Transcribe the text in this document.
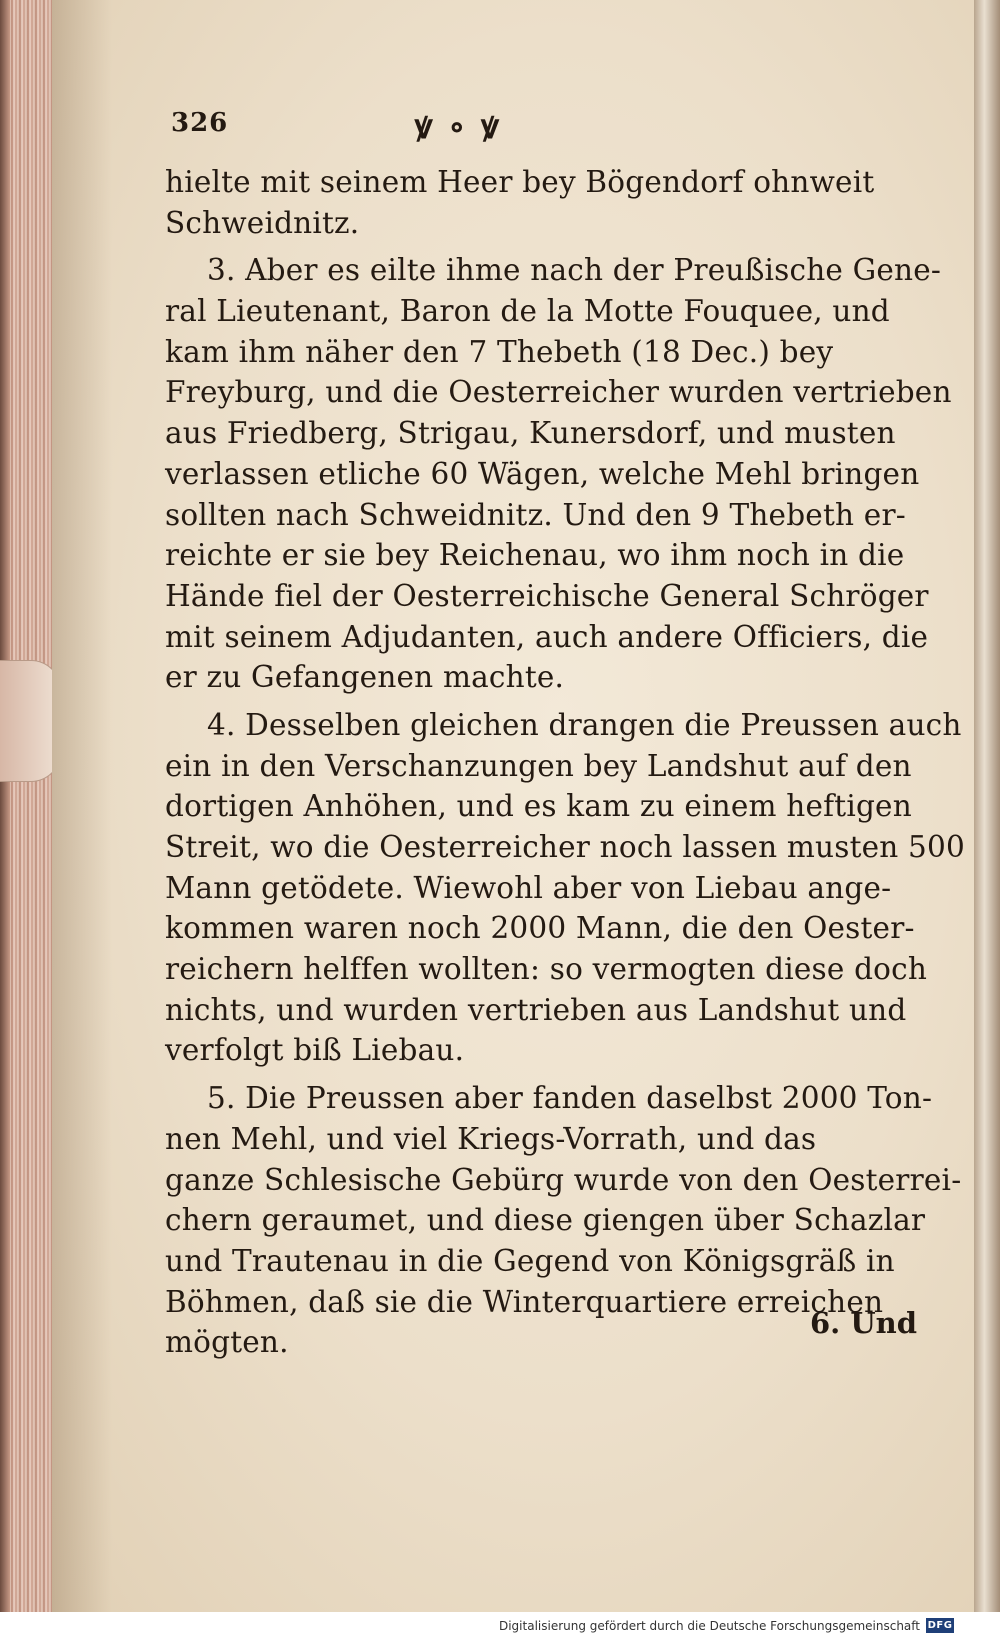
326	ꝟ ∘ ꝟ
hielte mit seinem Heer bey Bögendorf ohnweit
Schweidnitz.
3. Aber es eilte ihme nach der Preußische Gene-
ral Lieutenant, Baron de la Motte Fouquee, und
kam ihm näher den 7 Thebeth (18 Dec.) bey
Freyburg, und die Oesterreicher wurden vertrieben
aus Friedberg, Strigau, Kunersdorf, und musten
verlassen etliche 60 Wägen, welche Mehl bringen
sollten nach Schweidnitz. Und den 9 Thebeth er-
reichte er sie bey Reichenau, wo ihm noch in die
Hände fiel der Oesterreichische General Schröger
mit seinem Adjudanten, auch andere Officiers, die
er zu Gefangenen machte.
4. Desselben gleichen drangen die Preussen auch
ein in den Verschanzungen bey Landshut auf den
dortigen Anhöhen, und es kam zu einem heftigen
Streit, wo die Oesterreicher noch lassen musten 500
Mann getödete. Wiewohl aber von Liebau ange-
kommen waren noch 2000 Mann, die den Oester-
reichern helffen wollten: so vermogten diese doch
nichts, und wurden vertrieben aus Landshut und
verfolgt biß Liebau.
5. Die Preussen aber fanden daselbst 2000 Ton-
nen Mehl, und viel Kriegs-Vorrath, und das
ganze Schlesische Gebürg wurde von den Oesterrei-
chern geraumet, und diese giengen über Schazlar
und Trautenau in die Gegend von Königsgräß in
Böhmen, daß sie die Winterquartiere erreichen
mögten.
6. Und
Digitalisierung gefördert durch die Deutsche Forschungsgemeinschaft DFG
